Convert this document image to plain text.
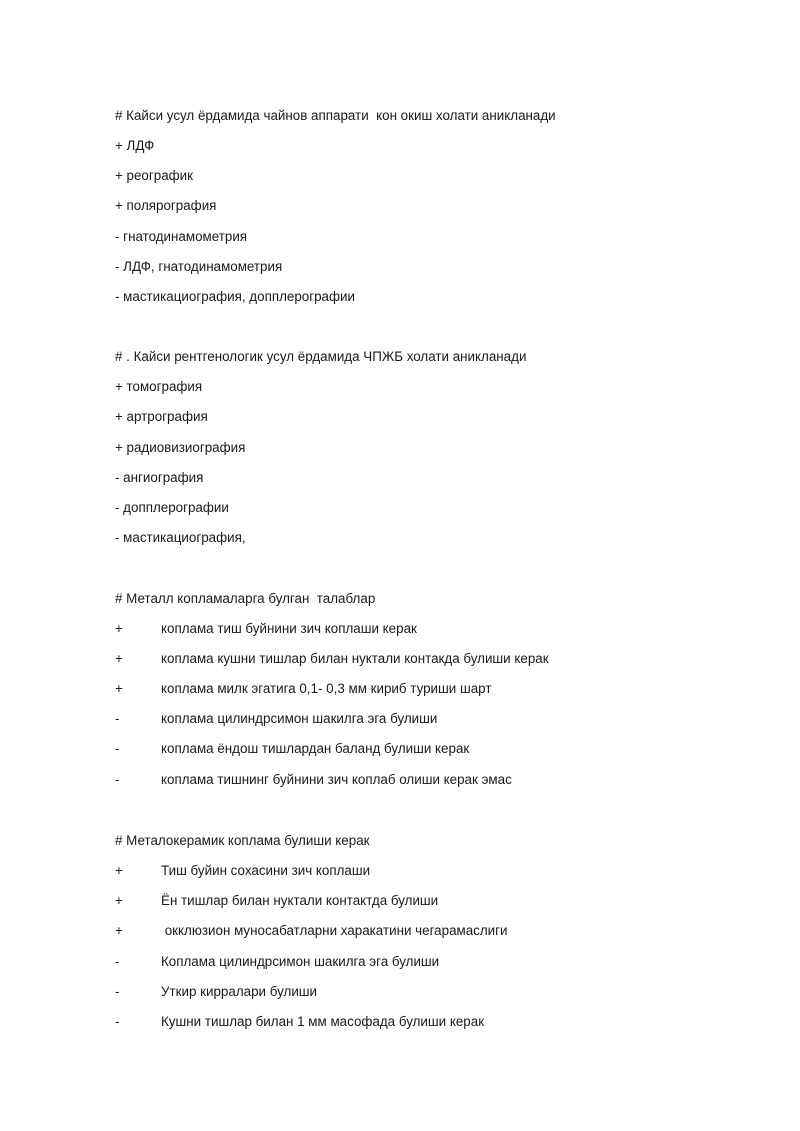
# Кайси усул ёрдамида чайнов аппарати  кон окиш холати аникланади
+ ЛДФ
+ реографик
+ полярография
- гнатодинамометрия
- ЛДФ, гнатодинамометрия
- мастикациография, допплерографии
# . Кайси рентгенологик усул ёрдамида ЧПЖБ холати аникланади
+ томография
+ артрография
+ радиовизиография
- ангиография
- допплерографии
- мастикациография,
# Металл копламаларга булган  талаблар
+	коплама тиш буйнини зич коплаши керак
+	коплама кушни тишлар билан нуктали контакда булиши керак
+	коплама милк эгатига 0,1- 0,3 мм кириб туриши шарт
-	коплама цилиндрсимон шакилга эга булиши
-	коплама ёндош тишлардан баланд булиши керак
-	коплама тишнинг буйнини зич коплаб олиши керак эмас
# Металокерамик коплама булиши керак
+	Тиш буйин сохасини зич коплаши
+	Ён тишлар билан нуктали контактда булиши
+	окклюзион муносабатларни харакатини чегарамаслиги
-	Коплама цилиндрсимон шакилга эга булиши
-	Уткир кирралари булиши
-	Кушни тишлар билан 1 мм масофада булиши керак
